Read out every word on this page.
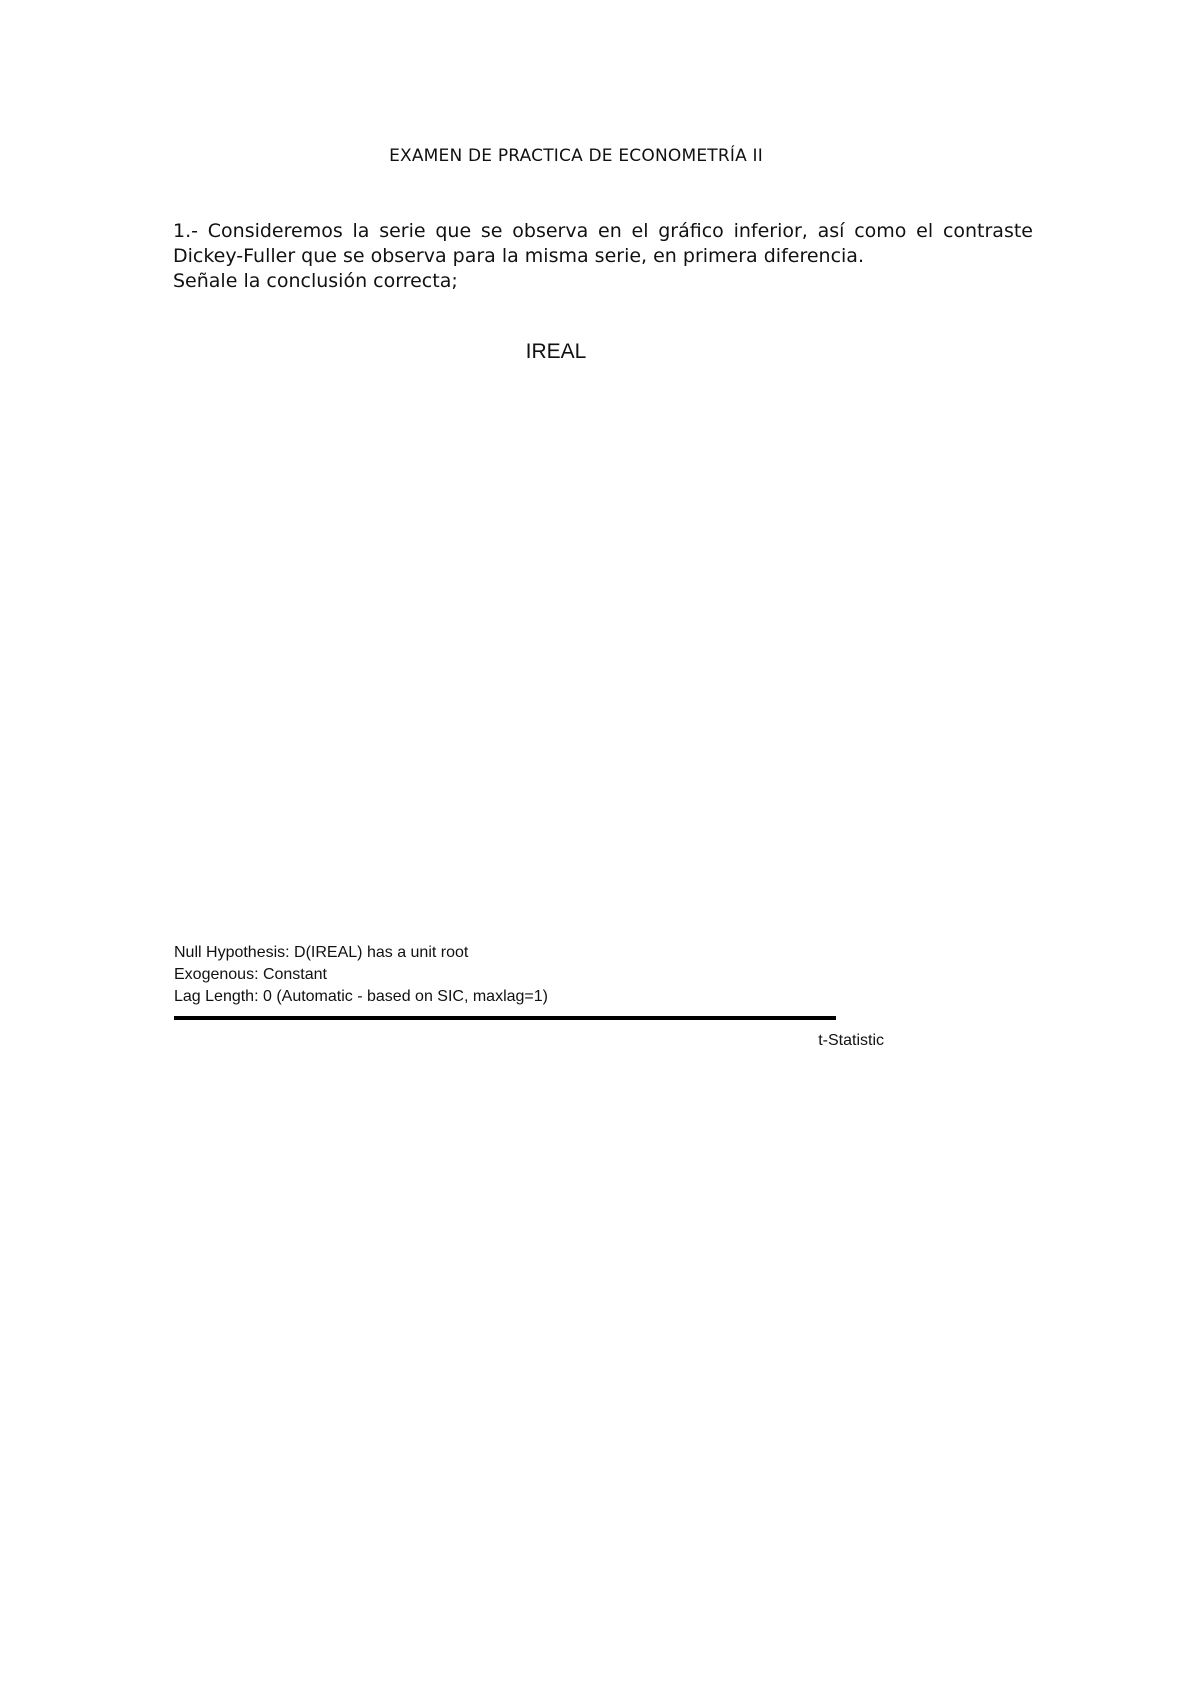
EXAMEN DE PRACTICA DE ECONOMETRÍA II
1.- Consideremos la serie que se observa en el gráfico inferior, así como el contraste Dickey-Fuller que se observa para la misma serie, en primera diferencia.
Señale la conclusión correcta;
IREAL
Null Hypothesis: D(IREAL) has a unit root
Exogenous: Constant
Lag Length: 0 (Automatic - based on SIC, maxlag=1)
t-Statistic
